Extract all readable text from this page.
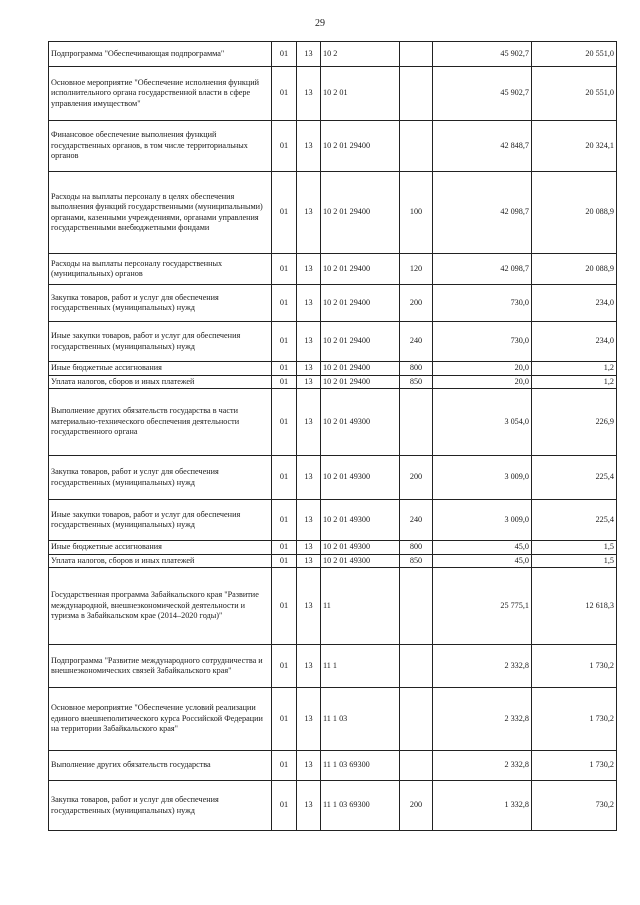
29
Подпрограмма "Обеспечивающая подпрограмма"	01	13	10 2		45 902,7	20 551,0
Основное мероприятие "Обеспечение исполнения функций исполнительного органа государственной власти в сфере управления имуществом"	01	13	10 2 01		45 902,7	20 551,0
Финансовое обеспечение выполнения функций государственных органов, в том числе территориальных органов	01	13	10 2 01 29400		42 848,7	20 324,1
Расходы на выплаты персоналу в целях обеспечения выполнения функций государственными (муниципальными) органами, казенными учреждениями, органами управления государственными внебюджетными фондами	01	13	10 2 01 29400	100	42 098,7	20 088,9
Расходы на выплаты персоналу государственных (муниципальных) органов	01	13	10 2 01 29400	120	42 098,7	20 088,9
Закупка товаров, работ и услуг для обеспечения государственных (муниципальных) нужд	01	13	10 2 01 29400	200	730,0	234,0
Иные закупки товаров, работ и услуг для обеспечения государственных (муниципальных) нужд	01	13	10 2 01 29400	240	730,0	234,0
Иные бюджетные ассигнования	01	13	10 2 01 29400	800	20,0	1,2
Уплата налогов, сборов и иных платежей	01	13	10 2 01 29400	850	20,0	1,2
Выполнение других обязательств государства в части материально-технического обеспечения деятельности государственного органа	01	13	10 2 01 49300		3 054,0	226,9
Закупка товаров, работ и услуг для обеспечения государственных (муниципальных) нужд	01	13	10 2 01 49300	200	3 009,0	225,4
Иные закупки товаров, работ и услуг для обеспечения государственных (муниципальных) нужд	01	13	10 2 01 49300	240	3 009,0	225,4
Иные бюджетные ассигнования	01	13	10 2 01 49300	800	45,0	1,5
Уплата налогов, сборов и иных платежей	01	13	10 2 01 49300	850	45,0	1,5
Государственная программа Забайкальского края "Развитие международной, внешнеэкономической деятельности и туризма в Забайкальском крае (2014–2020 годы)"	01	13	11		25 775,1	12 618,3
Подпрограмма "Развитие международного сотрудничества и внешнеэкономических связей Забайкальского края"	01	13	11 1		2 332,8	1 730,2
Основное мероприятие "Обеспечение условий реализации единого внешнеполитического курса Российской Федерации на территории Забайкальского края"	01	13	11 1 03		2 332,8	1 730,2
Выполнение других обязательств государства	01	13	11 1 03 69300		2 332,8	1 730,2
Закупка товаров, работ и услуг для обеспечения государственных (муниципальных) нужд	01	13	11 1 03 69300	200	1 332,8	730,2
